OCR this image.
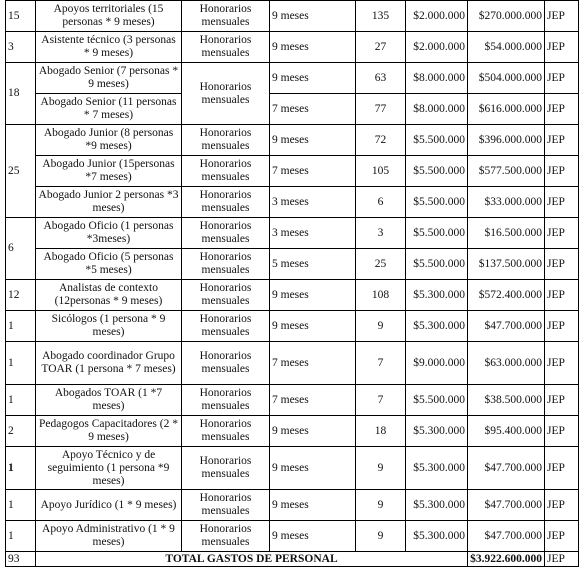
15	Apoyos territoriales (15 personas * 9 meses)	Honorarios mensuales	9 meses	135	$2.000.000	$270.000.000	JEP
3	Asistente técnico (3 personas * 9 meses)	Honorarios mensuales	9 meses	27	$2.000.000	$54.000.000	JEP
18	Abogado Senior (7 personas * 9 meses)	Honorarios mensuales	9 meses	63	$8.000.000	$504.000.000	JEP
	Abogado Senior (11 personas * 7 meses)		7 meses	77	$8.000.000	$616.000.000	JEP
25	Abogado Junior (8 personas *9 meses)	Honorarios mensuales	9 meses	72	$5.500.000	$396.000.000	JEP
	Abogado Junior (15personas *7 meses)	Honorarios mensuales	7 meses	105	$5.500.000	$577.500.000	JEP
	Abogado Junior 2 personas *3 meses)	Honorarios mensuales	3 meses	6	$5.500.000	$33.000.000	JEP
6	Abogado Oficio (1 personas *3meses)	Honorarios mensuales	3 meses	3	$5.500.000	$16.500.000	JEP
	Abogado Oficio (5 personas *5 meses)	Honorarios mensuales	5 meses	25	$5.500.000	$137.500.000	JEP
12	Analistas de contexto (12personas * 9 meses)	Honorarios mensuales	9 meses	108	$5.300.000	$572.400.000	JEP
1	Sicólogos (1 persona * 9 meses)	Honorarios mensuales	9 meses	9	$5.300.000	$47.700.000	JEP
1	Abogado coordinador Grupo TOAR (1 persona * 7 meses)	Honorarios mensuales	7 meses	7	$9.000.000	$63.000.000	JEP
1	Abogados TOAR (1 *7 meses)	Honorarios mensuales	7 meses	7	$5.500.000	$38.500.000	JEP
2	Pedagogos Capacitadores (2 * 9 meses)	Honorarios mensuales	9 meses	18	$5.300.000	$95.400.000	JEP
1	Apoyo Técnico y de seguimiento (1 persona *9 meses)	Honorarios mensuales	9 meses	9	$5.300.000	$47.700.000	JEP
1	Apoyo Jurídico (1 * 9 meses)	Honorarios mensuales	9 meses	9	$5.300.000	$47.700.000	JEP
1	Apoyo Administrativo (1 * 9 meses)	Honorarios mensuales	9 meses	9	$5.300.000	$47.700.000	JEP
93	TOTAL GASTOS DE PERSONAL					$3.922.600.000	JEP
